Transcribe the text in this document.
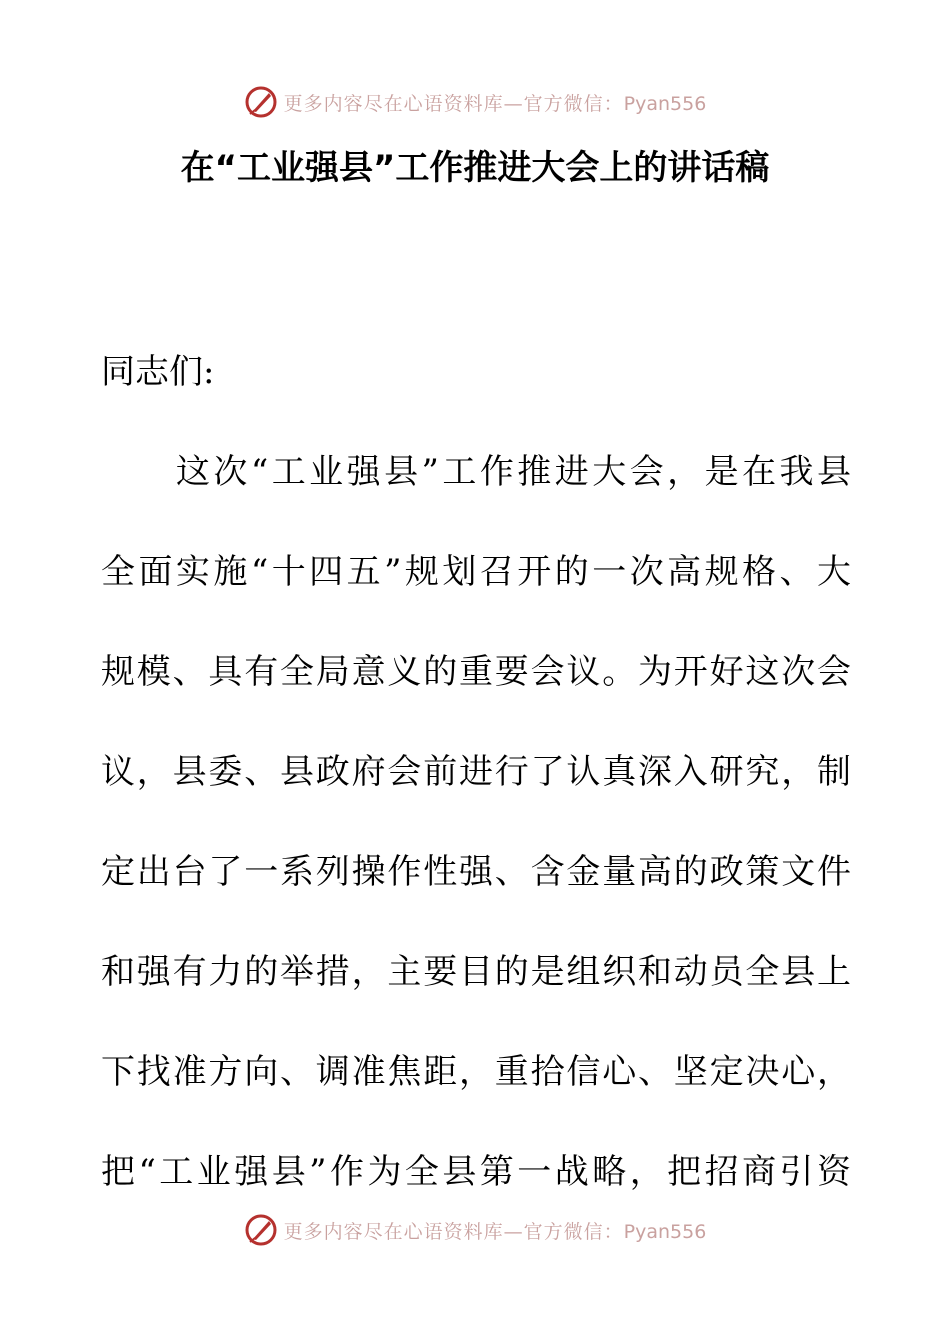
更多内容尽在心语资料库—官方微信：Pyan556
在“工业强县”工作推进大会上的讲话稿

同志们:

　　这次“工业强县”工作推进大会，是在我县

全面实施“十四五”规划召开的一次高规格、大

规模、具有全局意义的重要会议。为开好这次会

议，县委、县政府会前进行了认真深入研究，制

定出台了一系列操作性强、含金量高的政策文件

和强有力的举措，主要目的是组织和动员全县上

下找准方向、调准焦距，重拾信心、坚定决心，

把“工业强县”作为全县第一战略，把招商引资

更多内容尽在心语资料库—官方微信：Pyan556
